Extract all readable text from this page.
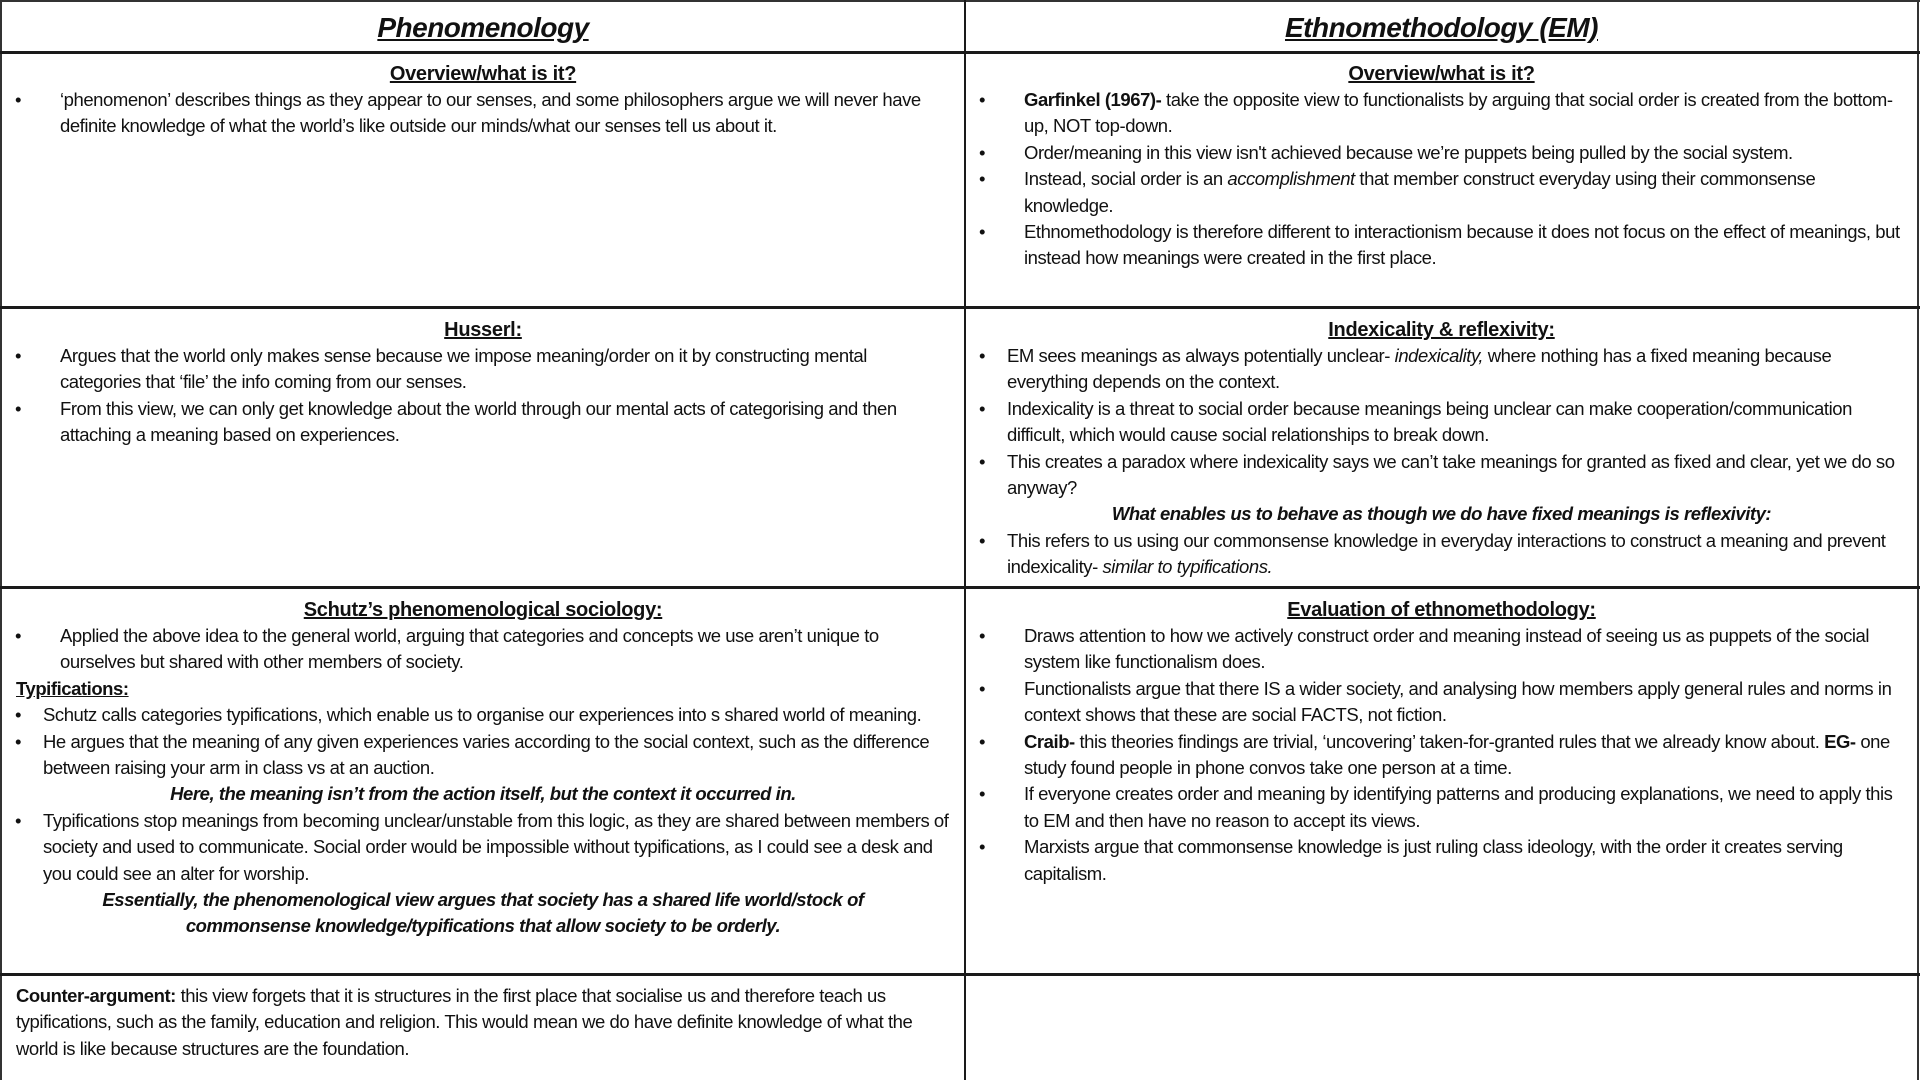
Phenomenology	Ethnomethodology (EM)
Overview/what is it?
• ‘phenomenon’ describes things as they appear to our senses, and some philosophers argue we will never have definite knowledge of what the world’s like outside our minds/what our senses tell us about it.
Overview/what is it?
• Garfinkel (1967)- take the opposite view to functionalists by arguing that social order is created from the bottom-up, NOT top-down.
• Order/meaning in this view isn't achieved because we’re puppets being pulled by the social system.
• Instead, social order is an accomplishment that member construct everyday using their commonsense knowledge.
• Ethnomethodology is therefore different to interactionism because it does not focus on the effect of meanings, but instead how meanings were created in the first place.
Husserl:
• Argues that the world only makes sense because we impose meaning/order on it by constructing mental categories that ‘file’ the info coming from our senses.
• From this view, we can only get knowledge about the world through our mental acts of categorising and then attaching a meaning based on experiences.
Indexicality & reflexivity:
• EM sees meanings as always potentially unclear- indexicality, where nothing has a fixed meaning because everything depends on the context.
• Indexicality is a threat to social order because meanings being unclear can make cooperation/communication difficult, which would cause social relationships to break down.
• This creates a paradox where indexicality says we can’t take meanings for granted as fixed and clear, yet we do so anyway?
What enables us to behave as though we do have fixed meanings is reflexivity:
• This refers to us using our commonsense knowledge in everyday interactions to construct a meaning and prevent indexicality- similar to typifications.
Schutz’s phenomenological sociology:
• Applied the above idea to the general world, arguing that categories and concepts we use aren’t unique to ourselves but shared with other members of society.
Typifications:
• Schutz calls categories typifications, which enable us to organise our experiences into s shared world of meaning.
• He argues that the meaning of any given experiences varies according to the social context, such as the difference between raising your arm in class vs at an auction.
Here, the meaning isn’t from the action itself, but the context it occurred in.
• Typifications stop meanings from becoming unclear/unstable from this logic, as they are shared between members of society and used to communicate. Social order would be impossible without typifications, as I could see a desk and you could see an alter for worship.
Essentially, the phenomenological view argues that society has a shared life world/stock of commonsense knowledge/typifications that allow society to be orderly.
Evaluation of ethnomethodology:
• Draws attention to how we actively construct order and meaning instead of seeing us as puppets of the social system like functionalism does.
• Functionalists argue that there IS a wider society, and analysing how members apply general rules and norms in context shows that these are social FACTS, not fiction.
• Craib- this theories findings are trivial, ‘uncovering’ taken-for-granted rules that we already know about. EG- one study found people in phone convos take one person at a time.
• If everyone creates order and meaning by identifying patterns and producing explanations, we need to apply this to EM and then have no reason to accept its views.
• Marxists argue that commonsense knowledge is just ruling class ideology, with the order it creates serving capitalism.
Counter-argument: this view forgets that it is structures in the first place that socialise us and therefore teach us typifications, such as the family, education and religion. This would mean we do have definite knowledge of what the world is like because structures are the foundation.
